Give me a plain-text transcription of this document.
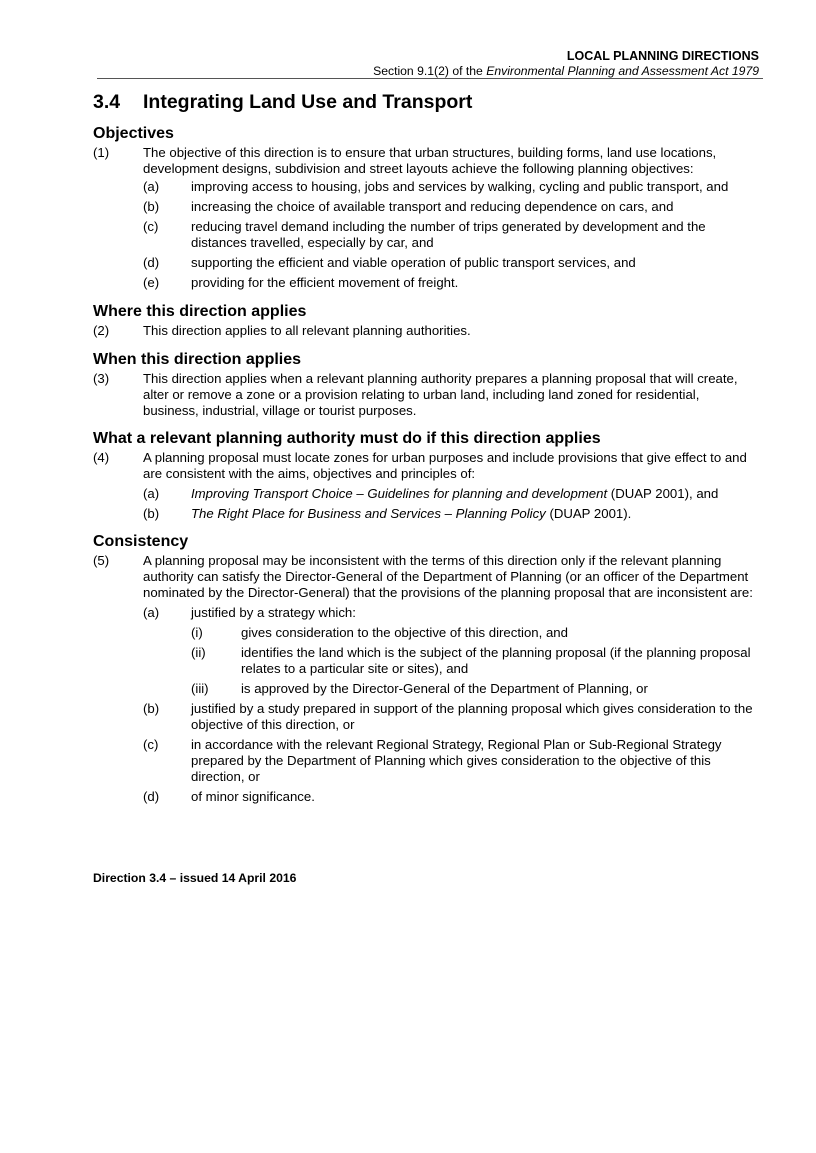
LOCAL PLANNING DIRECTIONS
Section 9.1(2) of the Environmental Planning and Assessment Act 1979
3.4 Integrating Land Use and Transport
Objectives
(1)	The objective of this direction is to ensure that urban structures, building forms, land use locations, development designs, subdivision and street layouts achieve the following planning objectives:
(a)	improving access to housing, jobs and services by walking, cycling and public transport, and
(b)	increasing the choice of available transport and reducing dependence on cars, and
(c)	reducing travel demand including the number of trips generated by development and the distances travelled, especially by car, and
(d)	supporting the efficient and viable operation of public transport services, and
(e)	providing for the efficient movement of freight.
Where this direction applies
(2)	This direction applies to all relevant planning authorities.
When this direction applies
(3)	This direction applies when a relevant planning authority prepares a planning proposal that will create, alter or remove a zone or a provision relating to urban land, including land zoned for residential, business, industrial, village or tourist purposes.
What a relevant planning authority must do if this direction applies
(4)	A planning proposal must locate zones for urban purposes and include provisions that give effect to and are consistent with the aims, objectives and principles of:
(a)	Improving Transport Choice – Guidelines for planning and development (DUAP 2001), and
(b)	The Right Place for Business and Services – Planning Policy (DUAP 2001).
Consistency
(5)	A planning proposal may be inconsistent with the terms of this direction only if the relevant planning authority can satisfy the Director-General of the Department of Planning (or an officer of the Department nominated by the Director-General) that the provisions of the planning proposal that are inconsistent are:
(a)	justified by a strategy which:
(i)	gives consideration to the objective of this direction, and
(ii)	identifies the land which is the subject of the planning proposal (if the planning proposal relates to a particular site or sites), and
(iii)	is approved by the Director-General of the Department of Planning, or
(b)	justified by a study prepared in support of the planning proposal which gives consideration to the objective of this direction, or
(c)	in accordance with the relevant Regional Strategy, Regional Plan or Sub-Regional Strategy prepared by the Department of Planning which gives consideration to the objective of this direction, or
(d)	of minor significance.
Direction 3.4 – issued 14 April 2016
